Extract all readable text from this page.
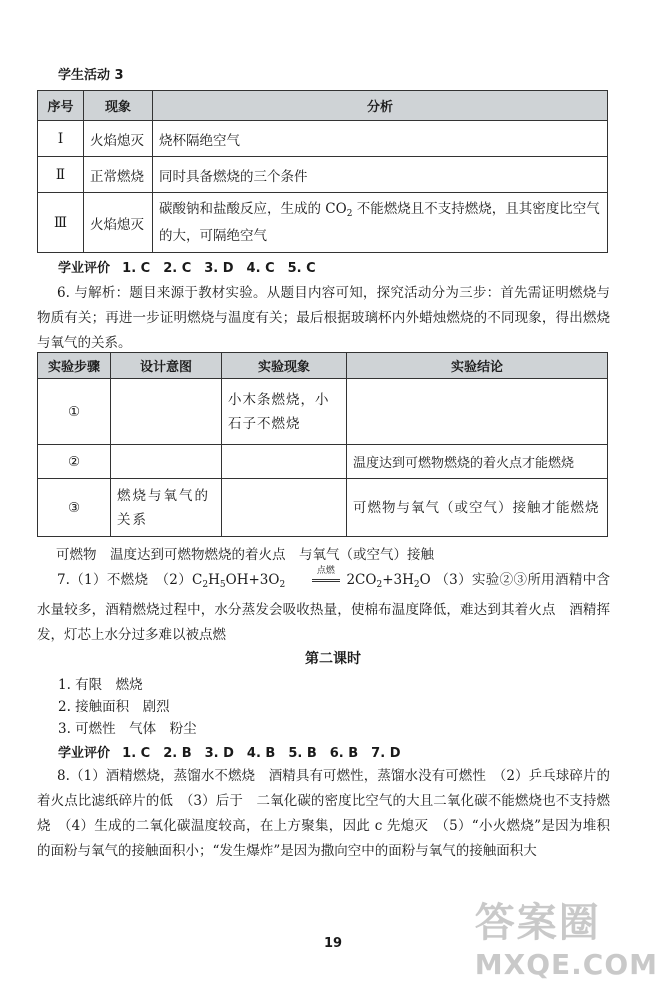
学生活动 3
序号	现象	分析
Ⅰ	火焰熄灭	烧杯隔绝空气
Ⅱ	正常燃烧	同时具备燃烧的三个条件
Ⅲ	火焰熄灭	碳酸钠和盐酸反应，生成的 $CO_2$ 不能燃烧且不支持燃烧，且其密度比空气的大，可隔绝空气
学业评价 1. C　2. C　3. D　4. C　5. C
6. 与解析：题目来源于教材实验。从题目内容可知，探究活动分为三步：首先需证明燃烧与物质有关；再进一步证明燃烧与温度有关；最后根据玻璃杯内外蜡烛燃烧的不同现象，得出燃烧与氧气的关系。
实验步骤	设计意图	实验现象	实验结论
①		小木条燃烧，小石子不燃烧	
②			温度达到可燃物燃烧的着火点才能燃烧
③	燃烧与氧气的关系		可燃物与氧气（或空气）接触才能燃烧
可燃物　温度达到可燃物燃烧的着火点　与氧气（或空气）接触
7.（1）不燃烧　$(2)C_2H_5OH+3O_2$
点燃
$2CO_2+3H_2O$ （3）实验②③所用酒精中含水量较多，酒精燃烧过程中，水分蒸发会吸收热量，使棉布温度降低，难达到其着火点　酒精挥发，灯芯上水分过多难以被点燃
第二课时
1. 有限　燃烧
2. 接触面积　剧烈
3. 可燃性　气体　粉尘
学业评价 1. C　2. B　3. D　4. B　5. B　6. B　7. D
8.（1）酒精燃烧，蒸馏水不燃烧　酒精具有可燃性，蒸馏水没有可燃性　（2）乒乓球碎片的着火点比滤纸碎片的低　（3）后于　二氧化碳的密度比空气的大且二氧化碳不能燃烧也不支持燃烧　（4）生成的二氧化碳温度较高，在上方聚集，因此 c 先熄灭　（5）“小火燃烧”是因为堆积的面粉与氧气的接触面积小；“发生爆炸”是因为撒向空中的面粉与氧气的接触面积大
19	答案圈
MXQE.COM
